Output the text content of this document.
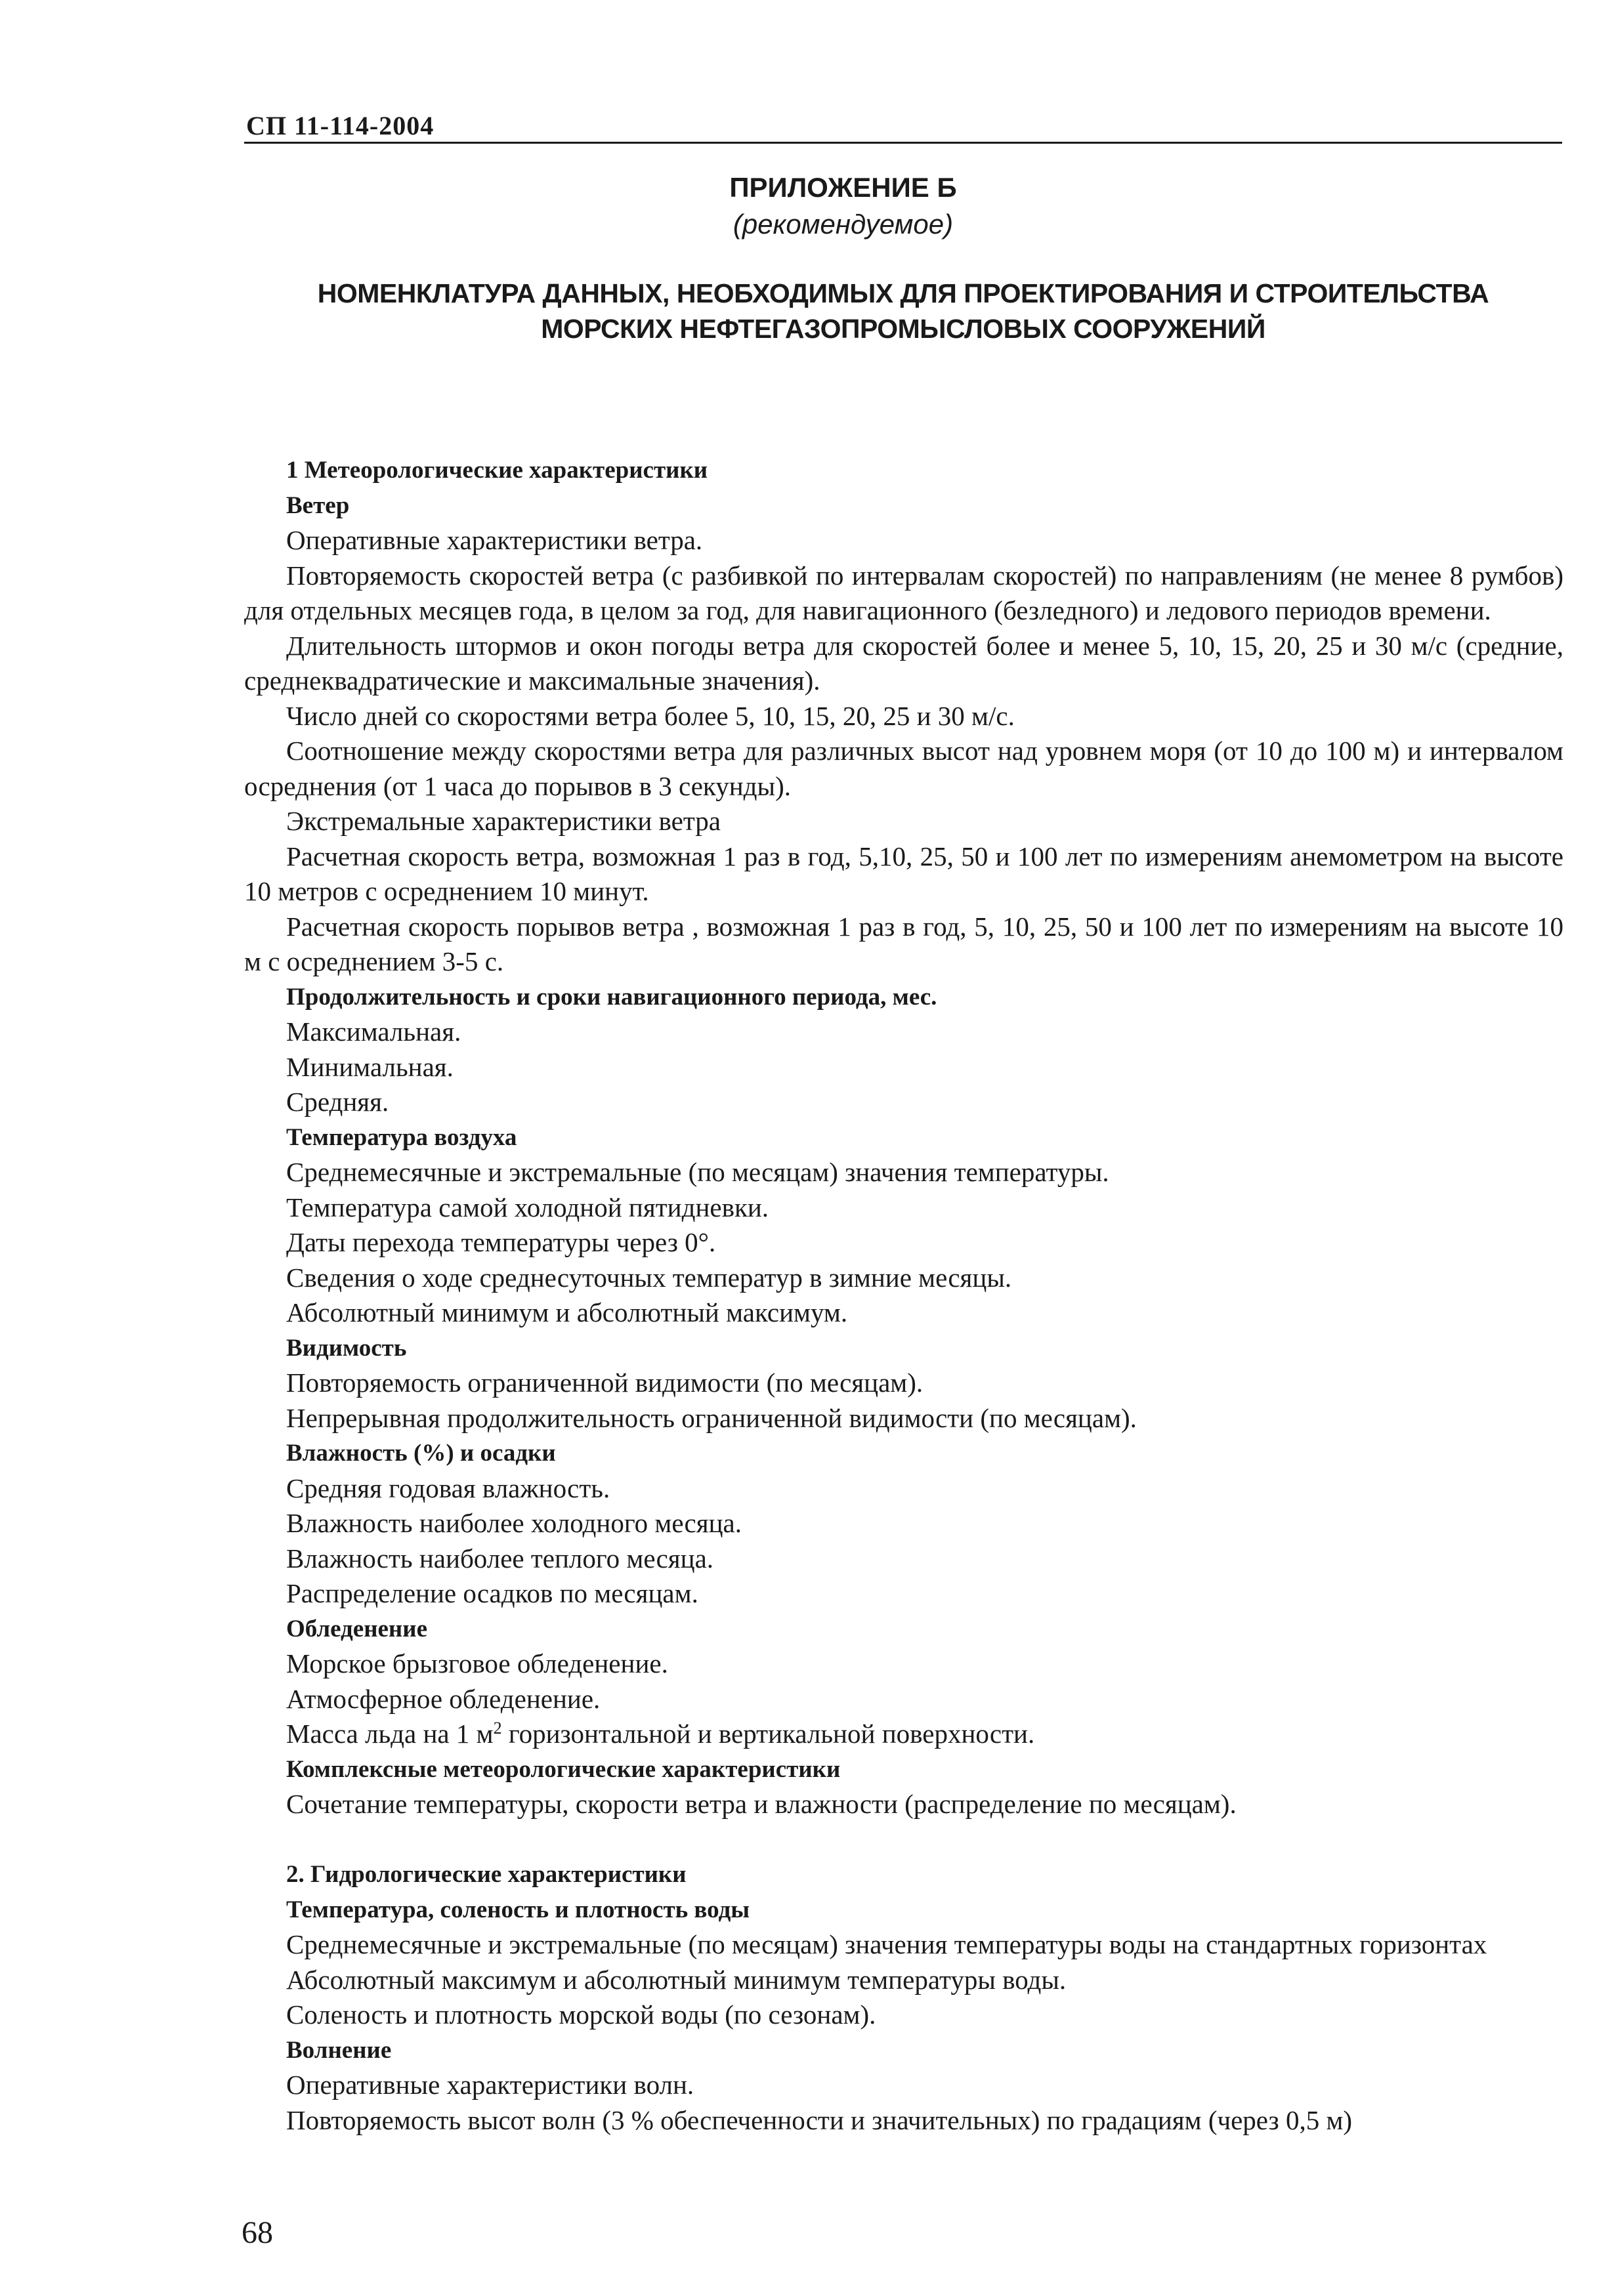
СП 11-114-2004
ПРИЛОЖЕНИЕ Б
(рекомендуемое)
НОМЕНКЛАТУРА ДАННЫХ, НЕОБХОДИМЫХ ДЛЯ ПРОЕКТИРОВАНИЯ И СТРОИТЕЛЬСТВА
МОРСКИХ НЕФТЕГАЗОПРОМЫСЛОВЫХ СООРУЖЕНИЙ
1 Метеорологические характеристики
Ветер
Оперативные характеристики ветра.
Повторяемость скоростей ветра (с разбивкой по интервалам скоростей) по направлениям (не менее 8 румбов) для отдельных месяцев года, в целом за год, для навигационного (безледного) и ледового периодов времени.
Длительность штормов и окон погоды ветра для скоростей более и менее 5, 10, 15, 20, 25 и 30 м/с (средние, среднеквадратические и максимальные значения).
Число дней со скоростями ветра более 5, 10, 15, 20, 25 и 30 м/с.
Соотношение между скоростями ветра для различных высот над уровнем моря (от 10 до 100 м) и интервалом осреднения (от 1 часа до порывов в 3 секунды).
Экстремальные характеристики ветра
Расчетная скорость ветра, возможная 1 раз в год, 5,10, 25, 50 и 100 лет по измерениям анемометром на высоте 10 метров с осреднением 10 минут.
Расчетная скорость порывов ветра , возможная 1 раз в год, 5, 10, 25, 50 и 100 лет по измерениям на высоте 10 м с осреднением 3-5 с.
Продолжительность и сроки навигационного периода, мес.
Максимальная.
Минимальная.
Средняя.
Температура воздуха
Среднемесячные и экстремальные (по месяцам) значения температуры.
Температура самой холодной пятидневки.
Даты перехода температуры через 0°.
Сведения о ходе среднесуточных температур в зимние месяцы.
Абсолютный минимум и абсолютный максимум.
Видимость
Повторяемость ограниченной видимости (по месяцам).
Непрерывная продолжительность ограниченной видимости (по месяцам).
Влажность (%) и осадки
Средняя годовая влажность.
Влажность наиболее холодного месяца.
Влажность наиболее теплого месяца.
Распределение осадков по месяцам.
Обледенение
Морское брызговое обледенение.
Атмосферное обледенение.
Масса льда на 1 $м^2$ горизонтальной и вертикальной поверхности.
Комплексные метеорологические характеристики
Сочетание температуры, скорости ветра и влажности (распределение по месяцам).
2. Гидрологические характеристики
Температура, соленость и плотность воды
Среднемесячные и экстремальные (по месяцам) значения температуры воды на стандартных горизонтах
Абсолютный максимум и абсолютный минимум температуры воды.
Соленость и плотность морской воды (по сезонам).
Волнение
Оперативные характеристики волн.
Повторяемость высот волн (3 % обеспеченности и значительных) по градациям (через 0,5 м)
68
